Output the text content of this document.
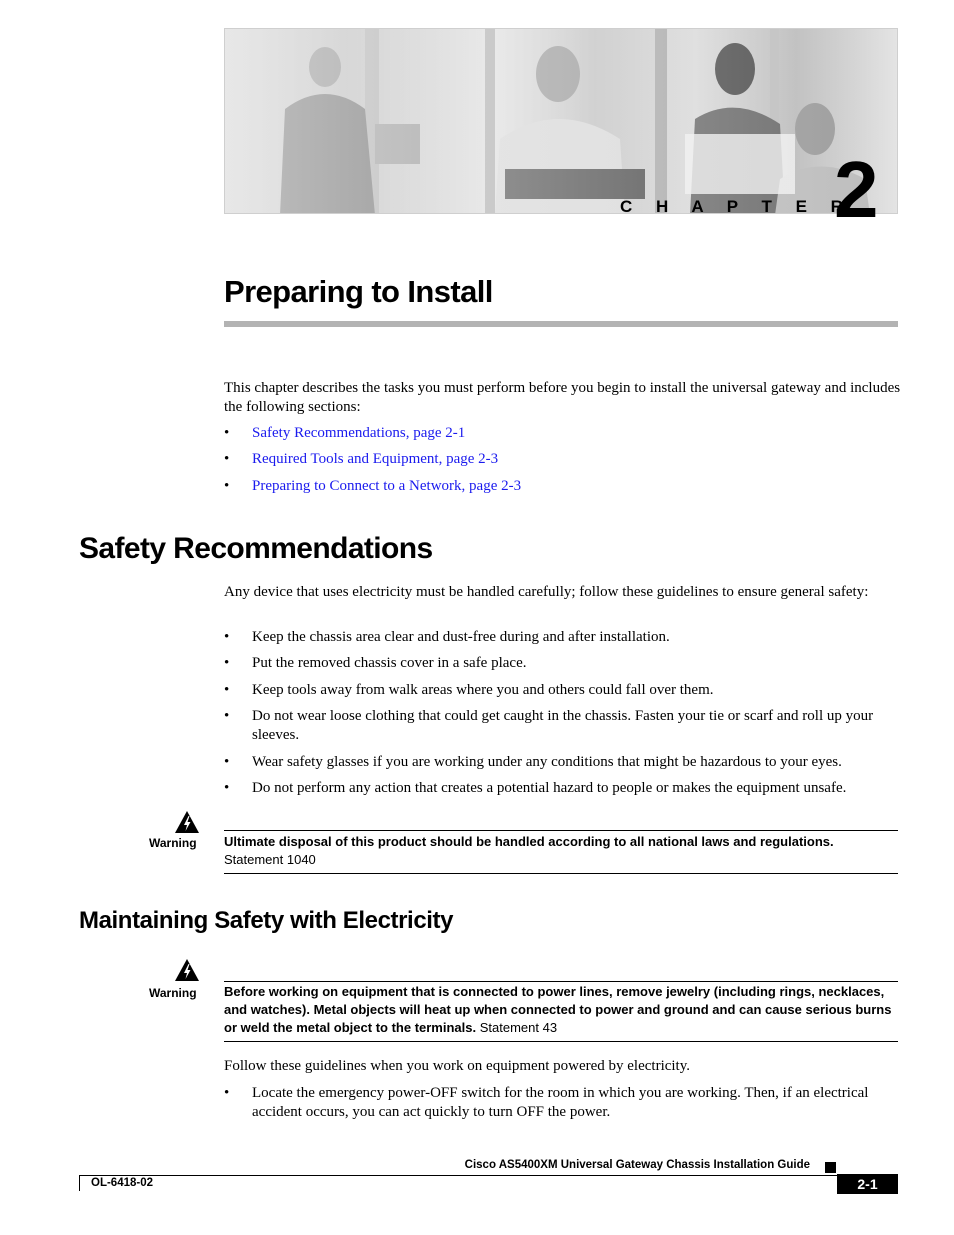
C H A P T E R
2
Preparing to Install

This chapter describes the tasks you must perform before you begin to install the universal gateway and includes the following sections:

• Safety Recommendations, page 2-1
• Required Tools and Equipment, page 2-3
• Preparing to Connect to a Network, page 2-3
Safety Recommendations

Any device that uses electricity must be handled carefully; follow these guidelines to ensure general safety:

• Keep the chassis area clear and dust-free during and after installation.
• Put the removed chassis cover in a safe place.
• Keep tools away from walk areas where you and others could fall over them.
• Do not wear loose clothing that could get caught in the chassis. Fasten your tie or scarf and roll up your sleeves.
• Wear safety glasses if you are working under any conditions that might be hazardous to your eyes.
• Do not perform any action that creates a potential hazard to people or makes the equipment unsafe.
Warning Ultimate disposal of this product should be handled according to all national laws and regulations.
Statement 1040
Maintaining Safety with Electricity
Warning Before working on equipment that is connected to power lines, remove jewelry (including rings, necklaces, and watches). Metal objects will heat up when connected to power and ground and can cause serious burns or weld the metal object to the terminals. Statement 43

Follow these guidelines when you work on equipment powered by electricity.

• Locate the emergency power-OFF switch for the room in which you are working. Then, if an electrical accident occurs, you can act quickly to turn OFF the power.
Cisco AS5400XM Universal Gateway Chassis Installation Guide
OL-6418-02	2-1
